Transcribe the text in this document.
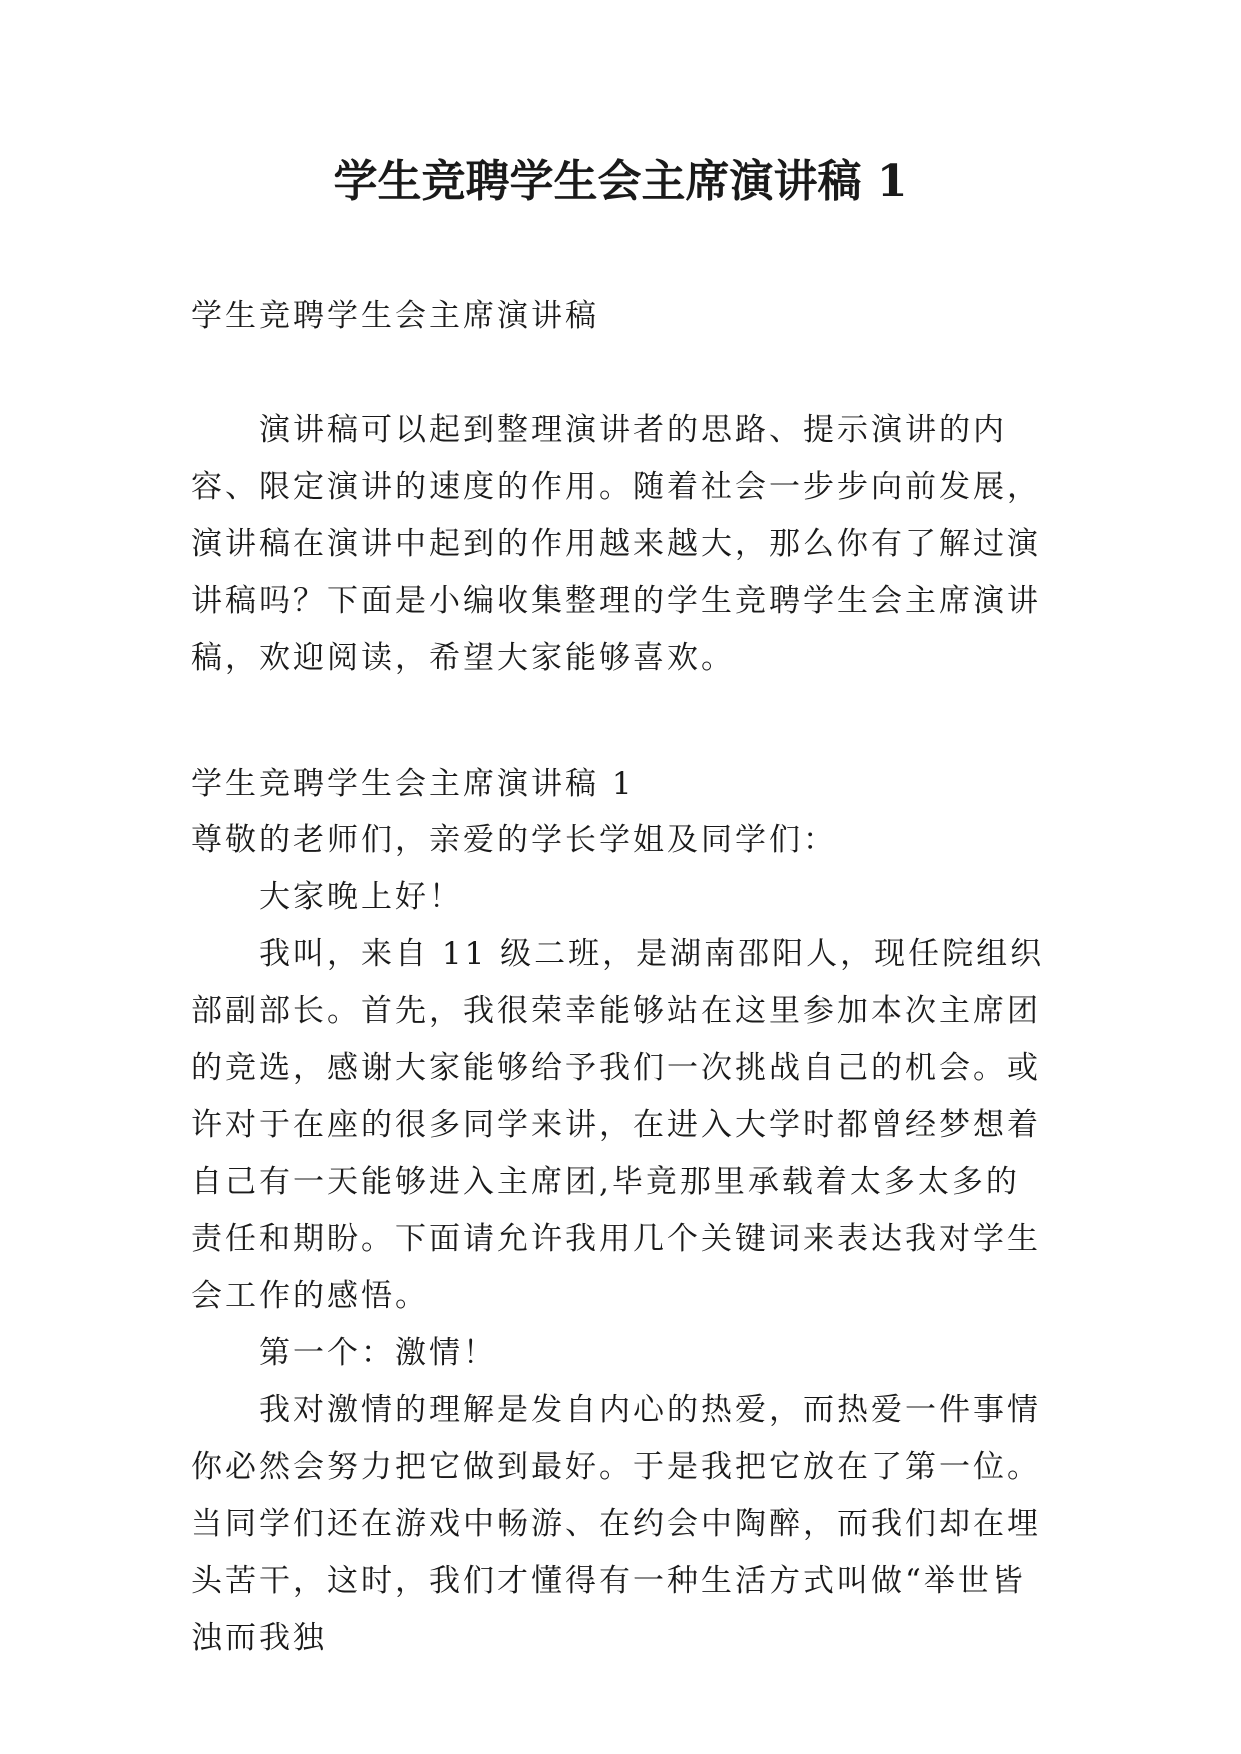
学生竞聘学生会主席演讲稿 1

学生竞聘学生会主席演讲稿

演讲稿可以起到整理演讲者的思路、提示演讲的内容、限定演讲的速度的作用。随着社会一步步向前发展，演讲稿在演讲中起到的作用越来越大，那么你有了解过演讲稿吗？下面是小编收集整理的学生竞聘学生会主席演讲稿，欢迎阅读，希望大家能够喜欢。

学生竞聘学生会主席演讲稿 1

尊敬的老师们，亲爱的学长学姐及同学们：

大家晚上好！

我叫，来自 11 级二班，是湖南邵阳人，现任院组织部副部长。首先，我很荣幸能够站在这里参加本次主席团的竞选，感谢大家能够给予我们一次挑战自己的机会。或许对于在座的很多同学来讲，在进入大学时都曾经梦想着自己有一天能够进入主席团,毕竟那里承载着太多太多的责任和期盼。下面请允许我用几个关键词来表达我对学生会工作的感悟。

第一个：激情！

我对激情的理解是发自内心的热爱，而热爱一件事情你必然会努力把它做到最好。于是我把它放在了第一位。当同学们还在游戏中畅游、在约会中陶醉，而我们却在埋头苦干，这时，我们才懂得有一种生活方式叫做“举世皆浊而我独
